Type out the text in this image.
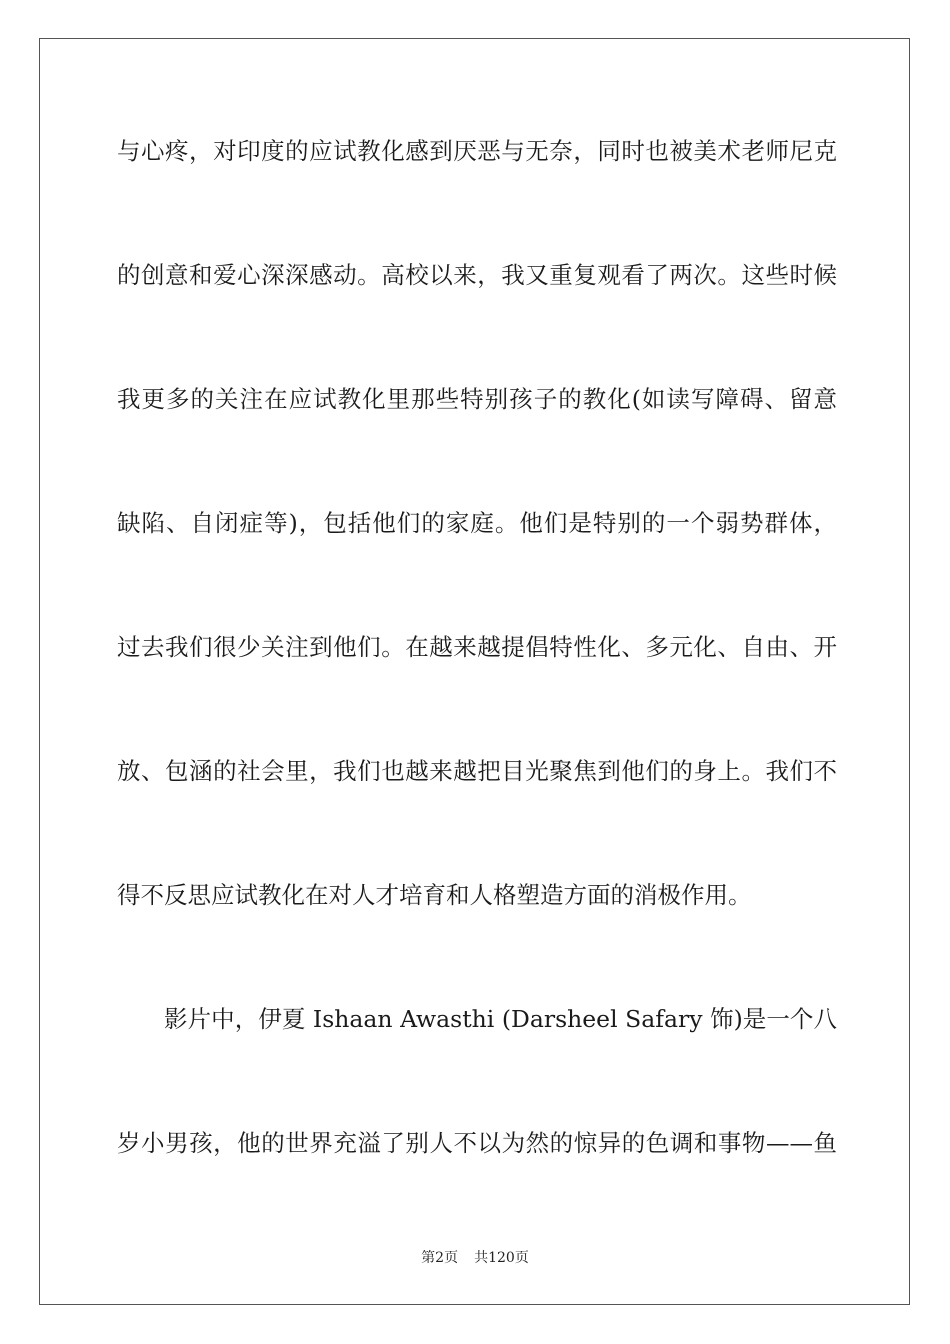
与心疼，对印度的应试教化感到厌恶与无奈，同时也被美术老师尼克
的创意和爱心深深感动。高校以来，我又重复观看了两次。这些时候
我更多的关注在应试教化里那些特别孩子的教化(如读写障碍、留意
缺陷、自闭症等)，包括他们的家庭。他们是特别的一个弱势群体，
过去我们很少关注到他们。在越来越提倡特性化、多元化、自由、开
放、包涵的社会里，我们也越来越把目光聚焦到他们的身上。我们不
得不反思应试教化在对人才培育和人格塑造方面的消极作用。
影片中，伊夏 Ishaan Awasthi (Darsheel Safary 饰)是一个八
岁小男孩，他的世界充溢了别人不以为然的惊异的色调和事物——鱼
第2页 共120页
